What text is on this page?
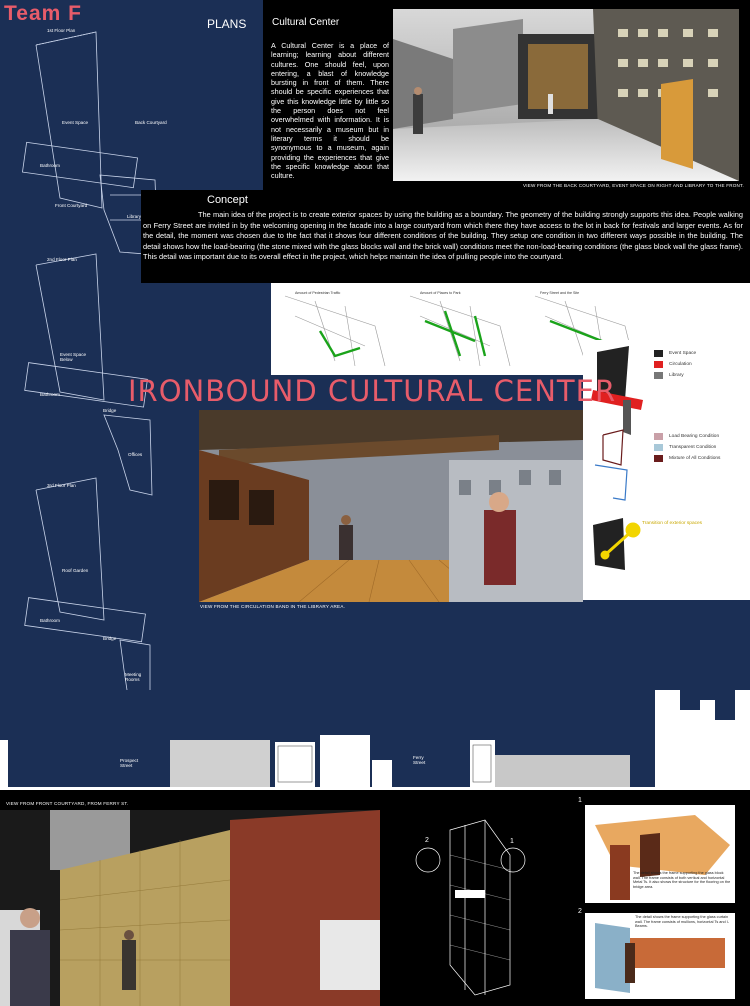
Team F	PLANS
1st Floor Plan
Event Space	Back Courtyard
Bathroom
Front Courtyard
Library
2nd Floor Plan
Event Space Below
Bathroom
Bridge
Offices
3rd Floor Plan
Roof Garden
Bathroom
Bridge
Meeting Rooms
Cultural Center
A Cultural Center is a place of learning; learning about different cultures. One should feel, upon entering, a blast of knowledge bursting in front of them. There should be specific experiences that give this knowledge little by little so the person does not feel overwhelmed with information. It is not necessarily a museum but in literary terms it should be synonymous to a museum, again providing the experiences that give the specific knowledge about that culture.
VIEW FROM THE BACK COURTYARD, EVENT SPACE ON RIGHT AND LIBRARY TO THE FRONT.
Concept
The main idea of the project is to create exterior spaces by using the building as a boundary. The geometry of the building strongly supports this idea. People walking on Ferry Street are invited in by the welcoming opening in the facade into a large courtyard from which there they have access to the lot in back for festivals and larger events. As for the detail, the moment was chosen due to the fact that it shows four different conditions of the building. They setup one condition in two different ways possible in the building. The detail shows how the load-bearing (the stone mixed with the glass blocks wall and the brick wall) conditions meet the non-load-bearing conditions (the glass block wall the glass frame). This detail was important due to its overall effect in the project, which helps maintain the idea of pulling people into the courtyard.
DIAGRAMS
Amount of Pedestrian Traffic	Amount of Places to Park	Ferry Street and the Site
Event Space
Circulation
Library
Load Bearing Condition
Transparent Condition
Mixture of All Conditions
Transition of exterior spaces
IRONBOUND CULTURAL CENTER
VIEW FROM THE CIRCULATION BAND IN THE LIBRARY AREA.
Prospect Street
Ferry Street
VIEW FROM FRONT COURTYARD, FROM FERRY ST.
2	1
1
The detail shows the frame supporting the glass block wall. The frame consists of both vertical and horizontal Metal Ts. It also shows the structure for the flooring on the bridge area.
2
The detail shows the frame supporting the glass curtain wall. The frame consists of mullions, horizontal Ts and I-Beams.
